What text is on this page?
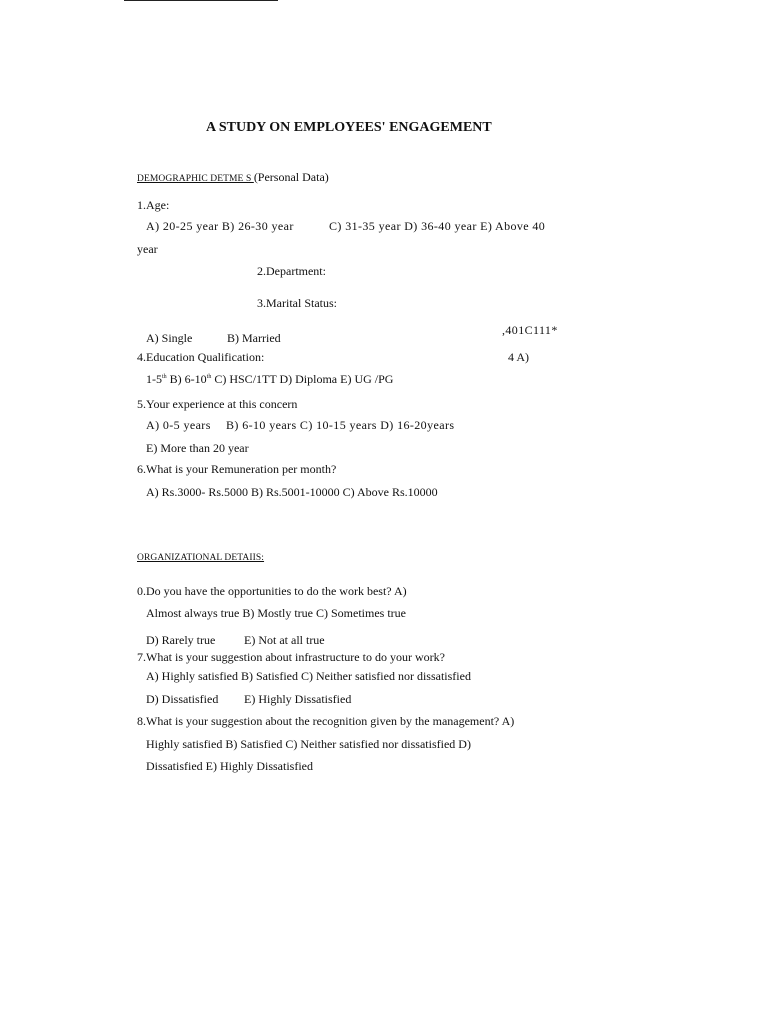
A STUDY ON EMPLOYEES' ENGAGEMENT
DEMOGRAPHIC DETME S (Personal Data)
1.Age:
A) 20-25 year B) 26-30 year	C) 31-35 year D) 36-40 year E) Above 40
year
2.Department:
3.Marital Status:
,401C111*
A) Single	B) Married
4.Education Qualification:	4 A)
1-5th B) 6-10th C) HSC/1TT D) Diploma E) UG /PG
5.Your experience at this concern
A) 0-5 years B) 6-10 years C) 10-15 years D) 16-20years
E) More than 20 year
6.What is your Remuneration per month?
A) Rs.3000- Rs.5000 B) Rs.5001-10000 C) Above Rs.10000
ORGANIZATIONAL DETAIIS:
0.Do you have the opportunities to do the work best? A)
Almost always true B) Mostly true C) Sometimes true
D) Rarely true E) Not at all true
7.What is your suggestion about infrastructure to do your work?
A) Highly satisfied B) Satisfied C) Neither satisfied nor dissatisfied
D) Dissatisfied E) Highly Dissatisfied
8.What is your suggestion about the recognition given by the management? A)
Highly satisfied B) Satisfied C) Neither satisfied nor dissatisfied D)
Dissatisfied E) Highly Dissatisfied
